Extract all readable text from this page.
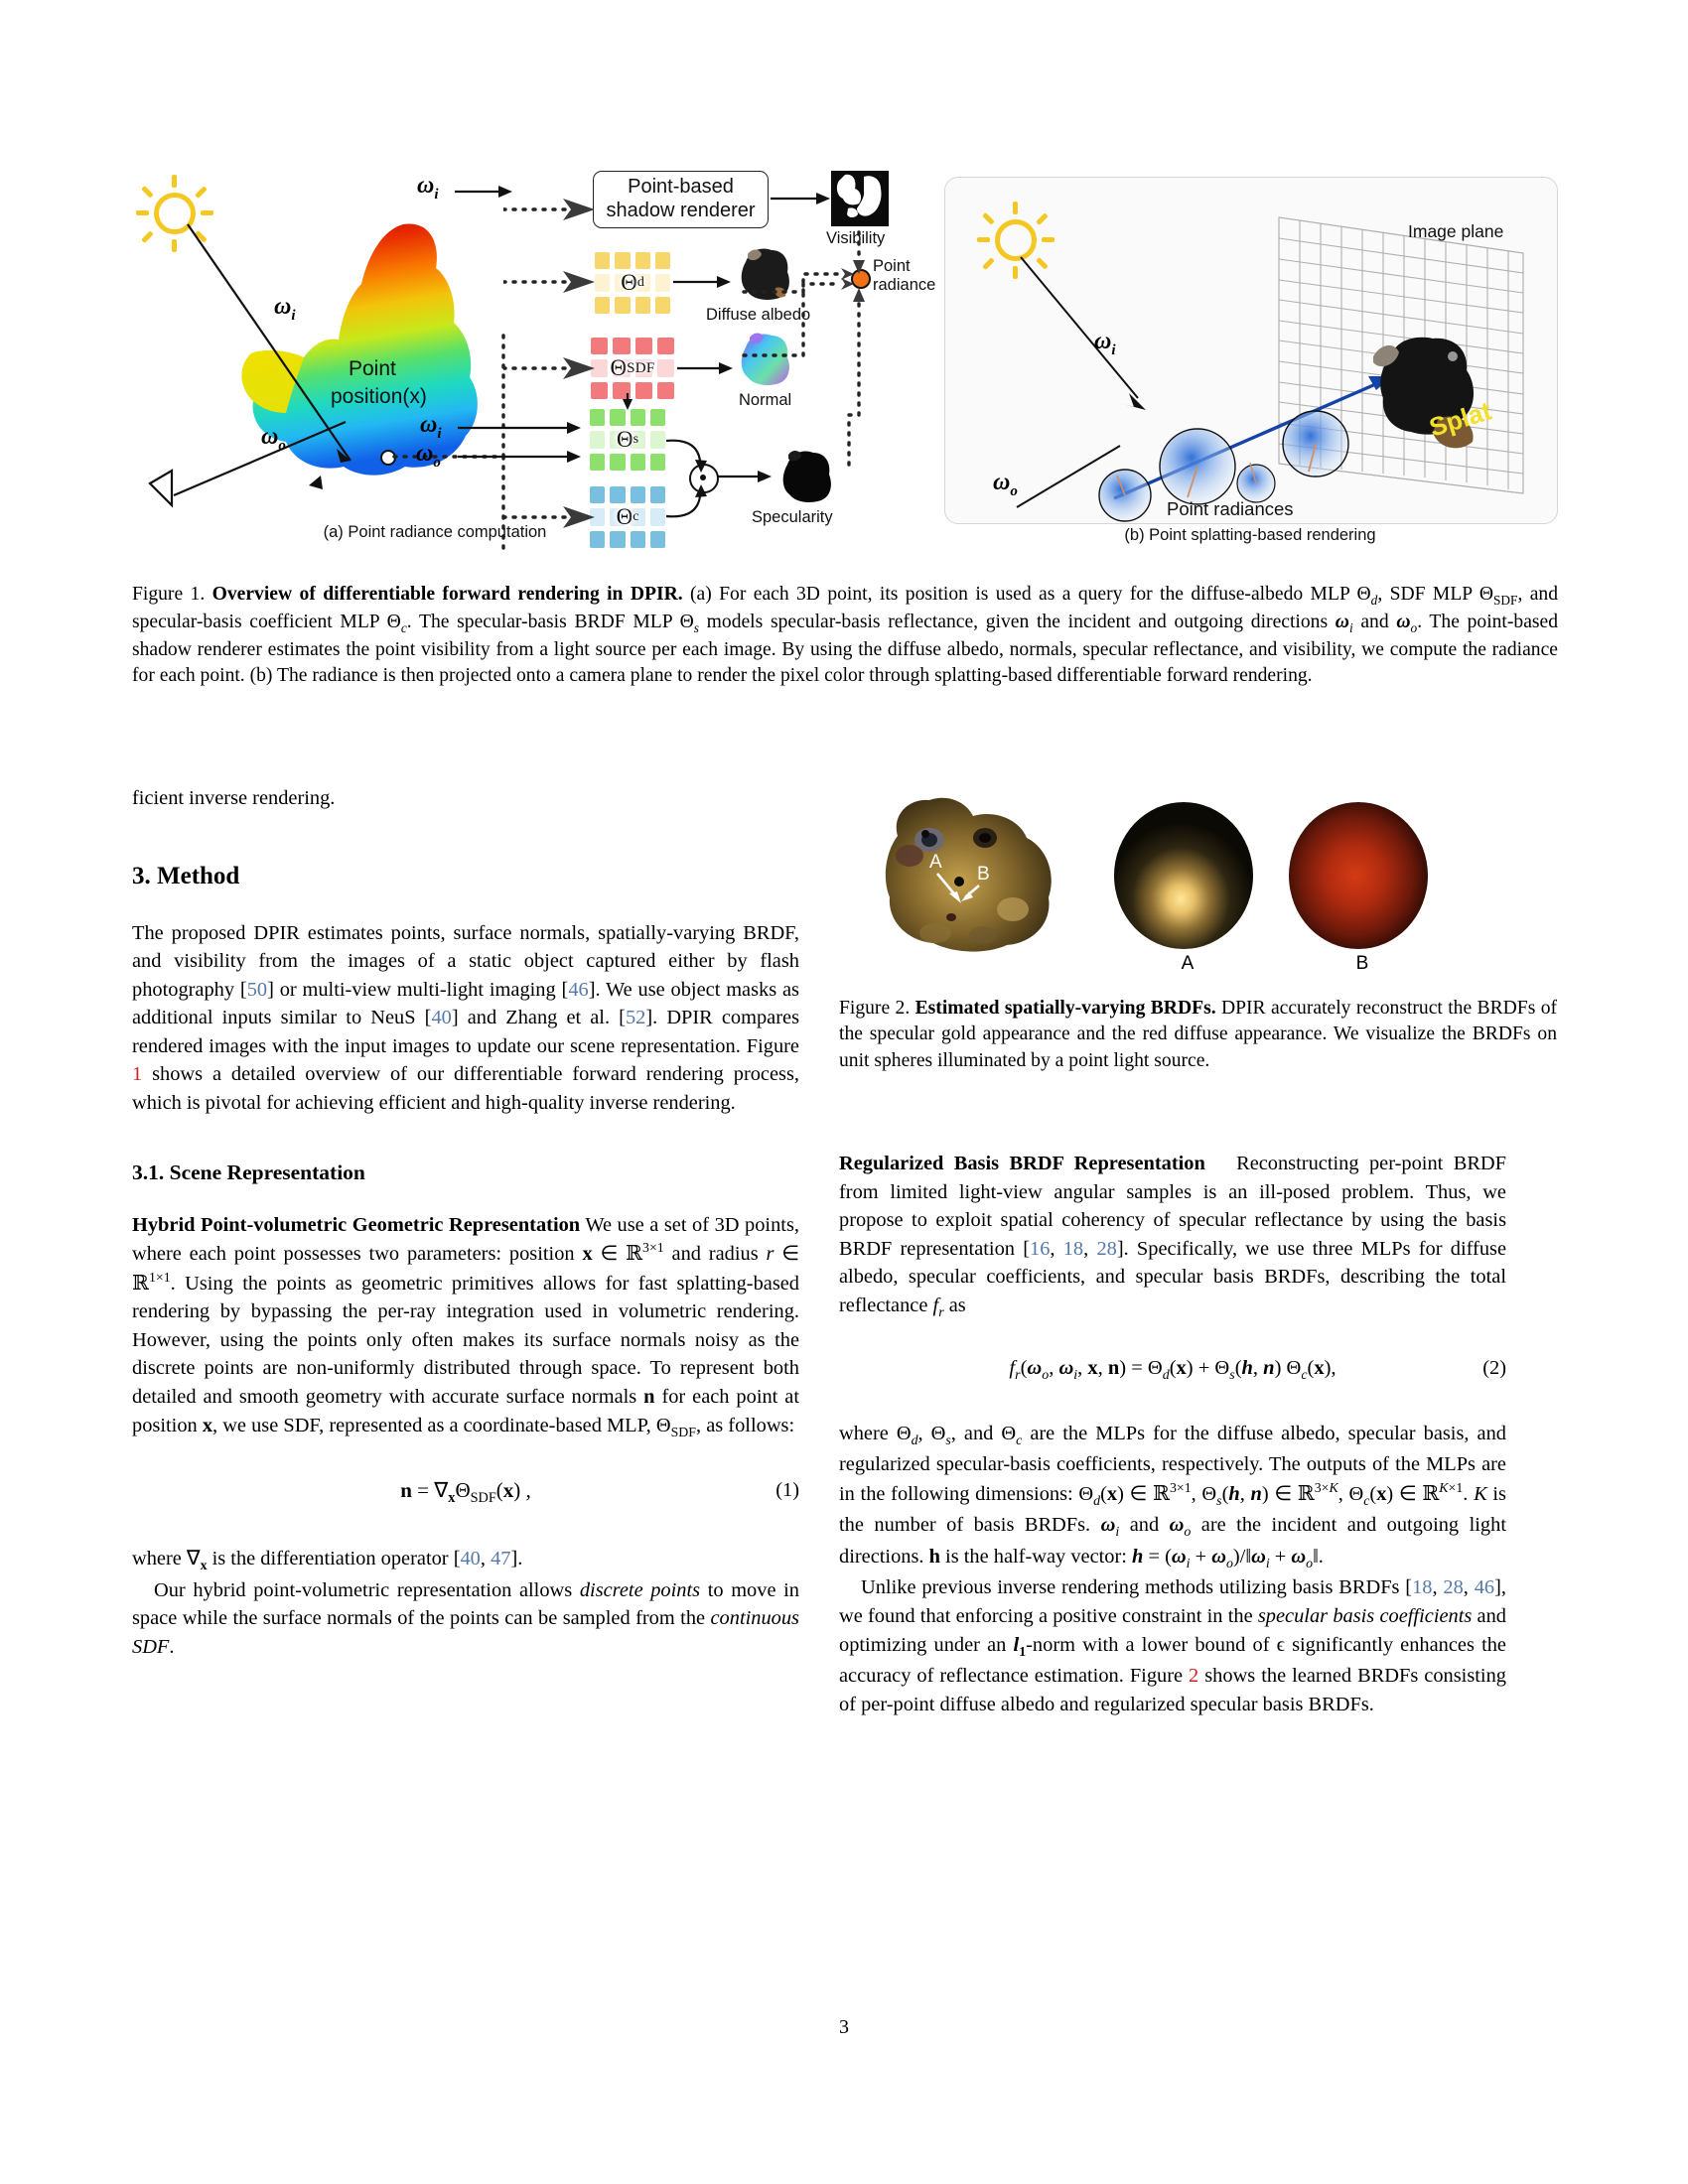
$\omega_i$
$\omega_o$
Point
position(x)
$\omega_i$	Point-based
shadow renderer
Visibility
Θ d
Diffuse albedo
Θ SDF
Normal
$\omega_i$
$\omega_o$
Θ s
Θ c	Specularity
Point
radiance
(a) Point radiance computation
Image plane
$\omega_i$
$\omega_o$
Point radiances
Splat
(b) Point splatting-based rendering
Figure 1. Overview of differentiable forward rendering in DPIR. (a) For each 3D point, its position is used as a query for the diffuse-albedo MLP $\Theta_d$, SDF MLP $\Theta_{SDF}$, and specular-basis coefficient MLP $\Theta_c$. The specular-basis BRDF MLP $\Theta_s$ models specular-basis reflectance, given the incident and outgoing directions $\omega_i$ and $\omega_o$. The point-based shadow renderer estimates the point visibility from a light source per each image. By using the diffuse albedo, normals, specular reflectance, and visibility, we compute the radiance for each point. (b) The radiance is then projected onto a camera plane to render the pixel color through splatting-based differentiable forward rendering.

ficient inverse rendering.

3. Method

The proposed DPIR estimates points, surface normals, spatially-varying BRDF, and visibility from the images of a static object captured either by flash photography [50] or multi-view multi-light imaging [46]. We use object masks as additional inputs similar to NeuS [40] and Zhang et al. [52]. DPIR compares rendered images with the input images to update our scene representation. Figure 1 shows a detailed overview of our differentiable forward rendering process, which is pivotal for achieving efficient and high-quality inverse rendering.

3.1. Scene Representation

Hybrid Point-volumetric Geometric Representation We use a set of 3D points, where each point possesses two parameters: position x ∈ ℝ$^{3\times 1}$ and radius r ∈ ℝ$^{1\times 1}$. Using the points as geometric primitives allows for fast splatting-based rendering by bypassing the per-ray integration used in volumetric rendering. However, using the points only often makes its surface normals noisy as the discrete points are non-uniformly distributed through space. To represent both detailed and smooth geometry with accurate surface normals n for each point at position x, we use SDF, represented as a coordinate-based MLP, $\Theta_{SDF}$, as follows:

$n = \nabla_x\Theta_{SDF}(x)$ ,	(1)

where $\nabla_x$ is the differentiation operator [40, 47].

Our hybrid point-volumetric representation allows discrete points to move in space while the surface normals of the points can be sampled from the continuous SDF.

A
B
A	B
Figure 2. Estimated spatially-varying BRDFs. DPIR accurately reconstruct the BRDFs of the specular gold appearance and the red diffuse appearance. We visualize the BRDFs on unit spheres illuminated by a point light source.

Regularized Basis BRDF Representation Reconstructing per-point BRDF from limited light-view angular samples is an ill-posed problem. Thus, we propose to exploit spatial coherency of specular reflectance by using the basis BRDF representation [16, 18, 28]. Specifically, we use three MLPs for diffuse albedo, specular coefficients, and specular basis BRDFs, describing the total reflectance $f_r$ as

$f_r(\omega_o$, $\omega_i$, x, $n) = \Theta_d(x) + \Theta_s(h$, n) $\Theta_c(x)$,	(2)

where $\Theta_d$, $\Theta_s$, and $\Theta_c$ are the MLPs for the diffuse albedo, specular basis, and regularized specular-basis coefficients, respectively. The outputs of the MLPs are in the following dimensions: $\Theta_d(x)$ ∈ ℝ$^{3\times 1}$, $\Theta_s(h$, n) ∈ ℝ$^{3\times K}$, $\Theta_c(x)$ ∈ ℝ$^{K\times 1}$. K is the number of basis BRDFs. $\omega_i$ and $\omega_o$ are the incident and outgoing light directions. h is the half-way vector: $h = (\omega_i$ + $\omega_o)/‖\omega_i$ + $\omega_o‖$.

Unlike previous inverse rendering methods utilizing basis BRDFs [18, 28, 46], we found that enforcing a positive constraint in the specular basis coefficients and optimizing under an $l_1$-norm with a lower bound of ϵ significantly enhances the accuracy of reflectance estimation. Figure 2 shows the learned BRDFs consisting of per-point diffuse albedo and regularized specular basis BRDFs.

3
